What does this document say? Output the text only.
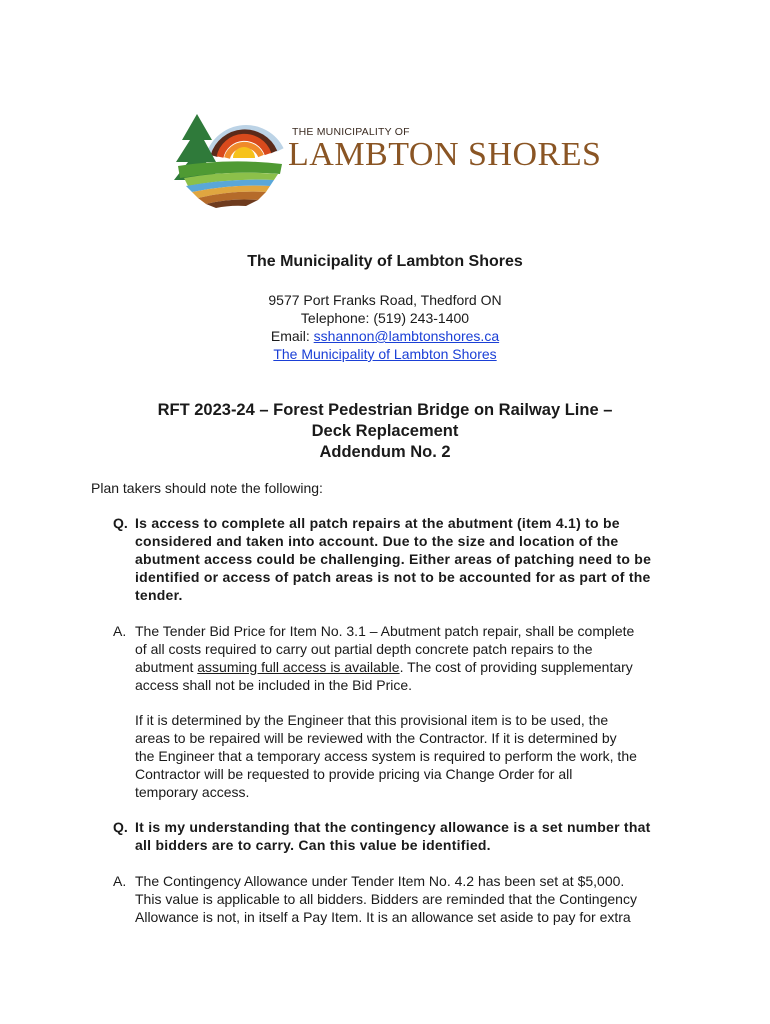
THE MUNICIPALITY OF
LAMBTON SHORES
The Municipality of Lambton Shores
9577 Port Franks Road, Thedford ON
Telephone: (519) 243-1400
Email: sshannon@lambtonshores.ca
The Municipality of Lambton Shores
RFT 2023-24 – Forest Pedestrian Bridge on Railway Line –
Deck Replacement
Addendum No. 2
Plan takers should note the following:
Q. Is access to complete all patch repairs at the abutment (item 4.1) to be
considered and taken into account. Due to the size and location of the
abutment access could be challenging. Either areas of patching need to be
identified or access of patch areas is not to be accounted for as part of the
tender.
A. The Tender Bid Price for Item No. 3.1 – Abutment patch repair, shall be complete
of all costs required to carry out partial depth concrete patch repairs to the
abutment assuming full access is available. The cost of providing supplementary
access shall not be included in the Bid Price.
If it is determined by the Engineer that this provisional item is to be used, the
areas to be repaired will be reviewed with the Contractor. If it is determined by
the Engineer that a temporary access system is required to perform the work, the
Contractor will be requested to provide pricing via Change Order for all
temporary access.
Q. It is my understanding that the contingency allowance is a set number that
all bidders are to carry. Can this value be identified.
A. The Contingency Allowance under Tender Item No. 4.2 has been set at $5,000.
This value is applicable to all bidders. Bidders are reminded that the Contingency
Allowance is not, in itself a Pay Item. It is an allowance set aside to pay for extra
